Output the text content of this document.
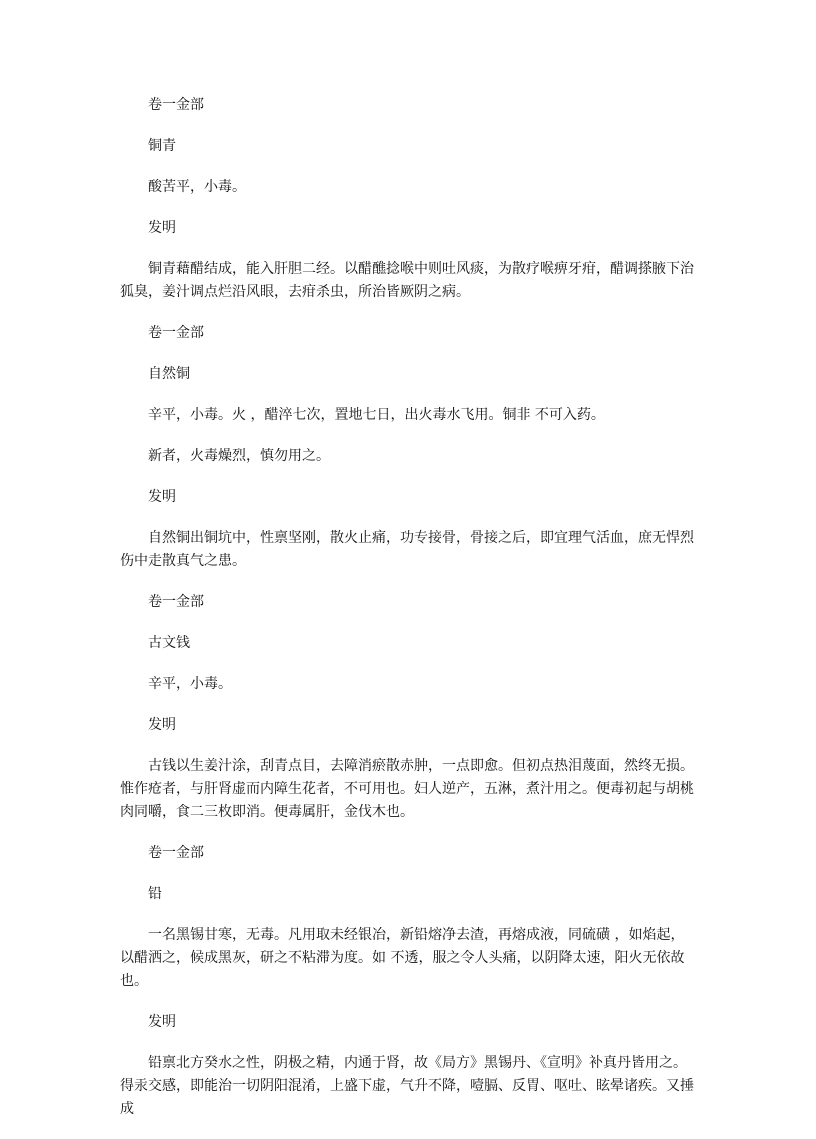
卷一金部

铜青

酸苦平，小毒。

发明

铜青藉醋结成，能入肝胆二经。以醋醮捻喉中则吐风痰，为散疗喉痹牙疳，醋调搽腋下治狐臭，姜汁调点烂沿风眼，去疳杀虫，所治皆厥阴之病。

卷一金部

自然铜

辛平，小毒。火 ，醋淬七次，置地七日，出火毒水飞用。铜非 不可入药。

新者，火毒燥烈，慎勿用之。

发明

自然铜出铜坑中，性禀坚刚，散火止痛，功专接骨，骨接之后，即宜理气活血，庶无悍烈伤中走散真气之患。

卷一金部

古文钱

辛平，小毒。

发明

古钱以生姜汁涂，刮青点目，去障消瘀散赤肿，一点即愈。但初点热泪蔑面，然终无损。惟作疮者，与肝肾虚而内障生花者，不可用也。妇人逆产，五淋，煮汁用之。便毒初起与胡桃肉同嚼，食二三枚即消。便毒属肝，金伐木也。

卷一金部

铅

一名黑锡甘寒，无毒。凡用取未经银冶，新铅熔净去渣，再熔成液，同硫磺 ，如焰起，以醋洒之，候成黑灰，研之不粘滞为度。如 不透，服之令人头痛，以阴降太速，阳火无依故也。

发明

铅禀北方癸水之性，阴极之精，内通于肾，故《局方》黑锡丹、《宣明》补真丹皆用之。得汞交感，即能治一切阴阳混淆，上盛下虚，气升不降，噎膈、反胃、呕吐、眩晕诸疾。又捶成
